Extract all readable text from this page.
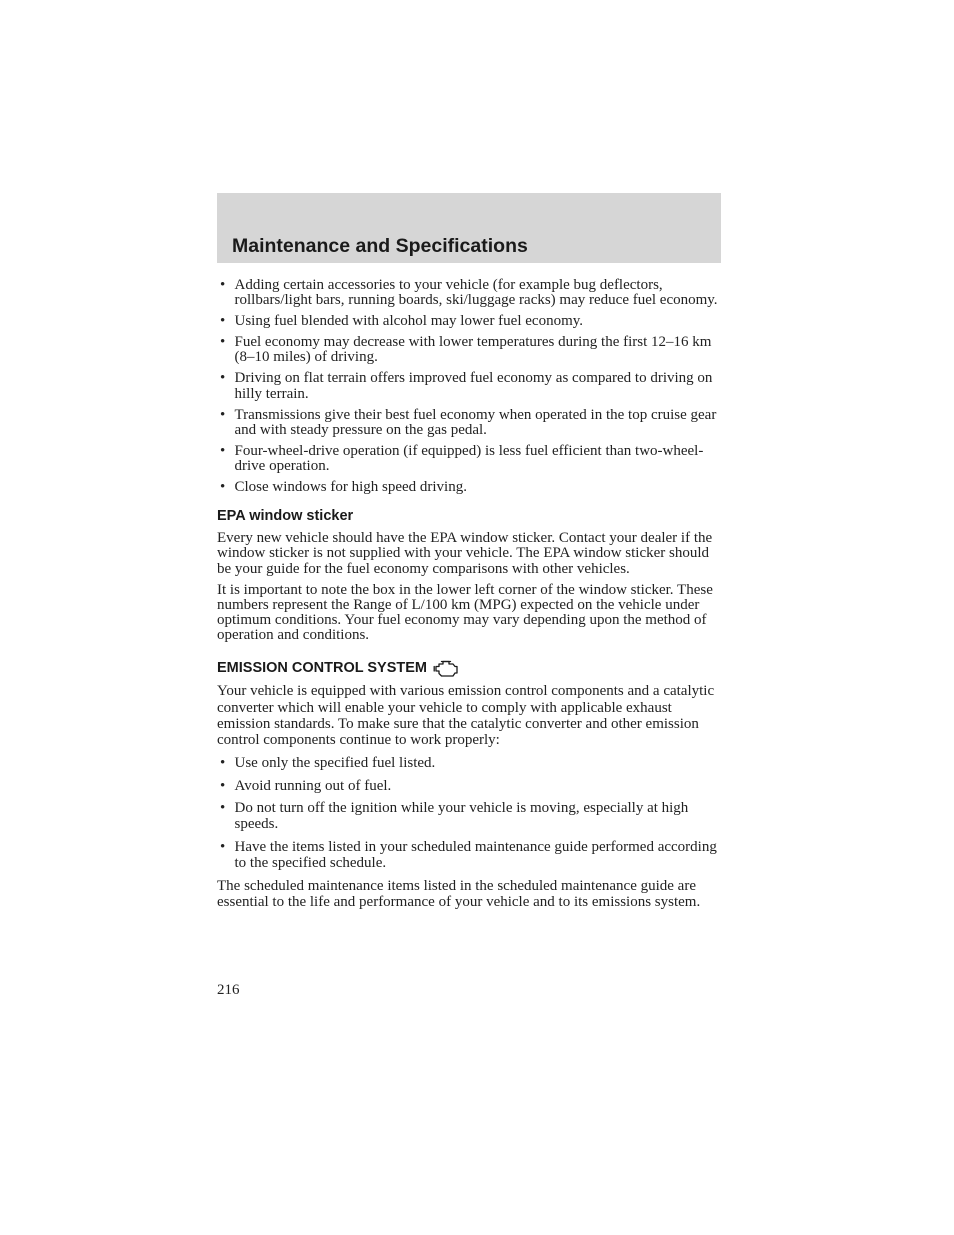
Maintenance and Specifications
• Adding certain accessories to your vehicle (for example bug deflectors, rollbars/light bars, running boards, ski/luggage racks) may reduce fuel economy.
• Using fuel blended with alcohol may lower fuel economy.
• Fuel economy may decrease with lower temperatures during the first 12–16 km (8–10 miles) of driving.
• Driving on flat terrain offers improved fuel economy as compared to driving on hilly terrain.
• Transmissions give their best fuel economy when operated in the top cruise gear and with steady pressure on the gas pedal.
• Four-wheel-drive operation (if equipped) is less fuel efficient than two-wheel-drive operation.
• Close windows for high speed driving.
EPA window sticker

Every new vehicle should have the EPA window sticker. Contact your dealer if the window sticker is not supplied with your vehicle. The EPA window sticker should be your guide for the fuel economy comparisons with other vehicles.

It is important to note the box in the lower left corner of the window sticker. These numbers represent the Range of L/100 km (MPG) expected on the vehicle under optimum conditions. Your fuel economy may vary depending upon the method of operation and conditions.

EMISSION CONTROL SYSTEM

Your vehicle is equipped with various emission control components and a catalytic converter which will enable your vehicle to comply with applicable exhaust emission standards. To make sure that the catalytic converter and other emission control components continue to work properly:

• Use only the specified fuel listed.
• Avoid running out of fuel.
• Do not turn off the ignition while your vehicle is moving, especially at high speeds.
• Have the items listed in your scheduled maintenance guide performed according to the specified schedule.

The scheduled maintenance items listed in the scheduled maintenance guide are essential to the life and performance of your vehicle and to its emissions system.

216
